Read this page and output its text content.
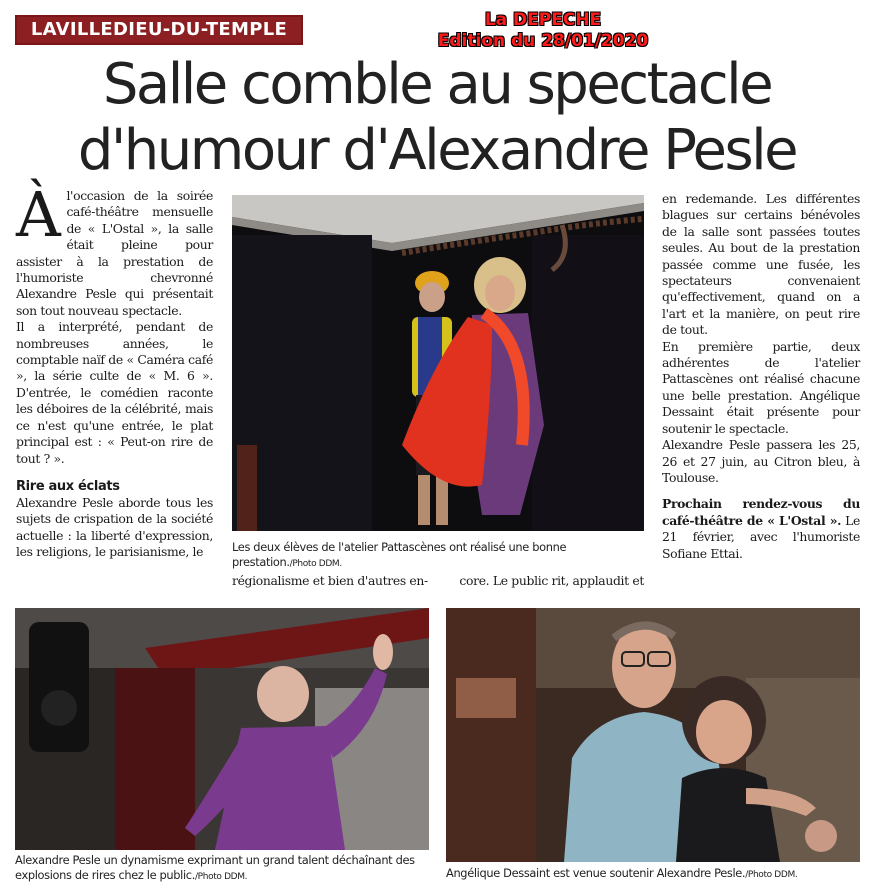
LAVILLEDIEU-DU-TEMPLE	La DEPECHE
Edition du 28/01/2020
Salle comble au spectacle
d'humour d'Alexandre Pesle
À l'occasion de la soirée café-théâtre mensuelle de « L'Ostal », la salle était pleine pour assister à la prestation de l'humoriste chevronné Alexandre Pesle qui présentait son tout nouveau spectacle.

Il a interprété, pendant de nombreuses années, le comptable naïf de « Caméra café », la série culte de « M. 6 ». D'entrée, le comédien raconte les déboires de la célébrité, mais ce n'est qu'une entrée, le plat principal est : « Peut-on rire de tout ? ».

Rire aux éclats

Alexandre Pesle aborde tous les sujets de crispation de la société actuelle : la liberté d'expression, les religions, le parisianisme, le	Les deux élèves de l'atelier Pattascènes ont réalisé une bonne prestation./Photo DDM.
régionalisme et bien d'autres en-	core. Le public rit, applaudit et

en redemande. Les différentes blagues sur certains bénévoles de la salle sont passées toutes seules. Au bout de la prestation passée comme une fusée, les spectateurs convenaient qu'effectivement, quand on a l'art et la manière, on peut rire de tout.

En première partie, deux adhérentes de l'atelier Pattascènes ont réalisé chacune une belle prestation. Angélique Dessaint était présente pour soutenir le spectacle.

Alexandre Pesle passera les 25, 26 et 27 juin, au Citron bleu, à Toulouse.

Prochain rendez-vous du café-théâtre de « L'Ostal ». Le 21 février, avec l'humoriste Sofiane Ettai.

Alexandre Pesle un dynamisme exprimant un grand talent déchaînant des explosions de rires chez le public./Photo DDM.	Angélique Dessaint est venue soutenir Alexandre Pesle./Photo DDM.
